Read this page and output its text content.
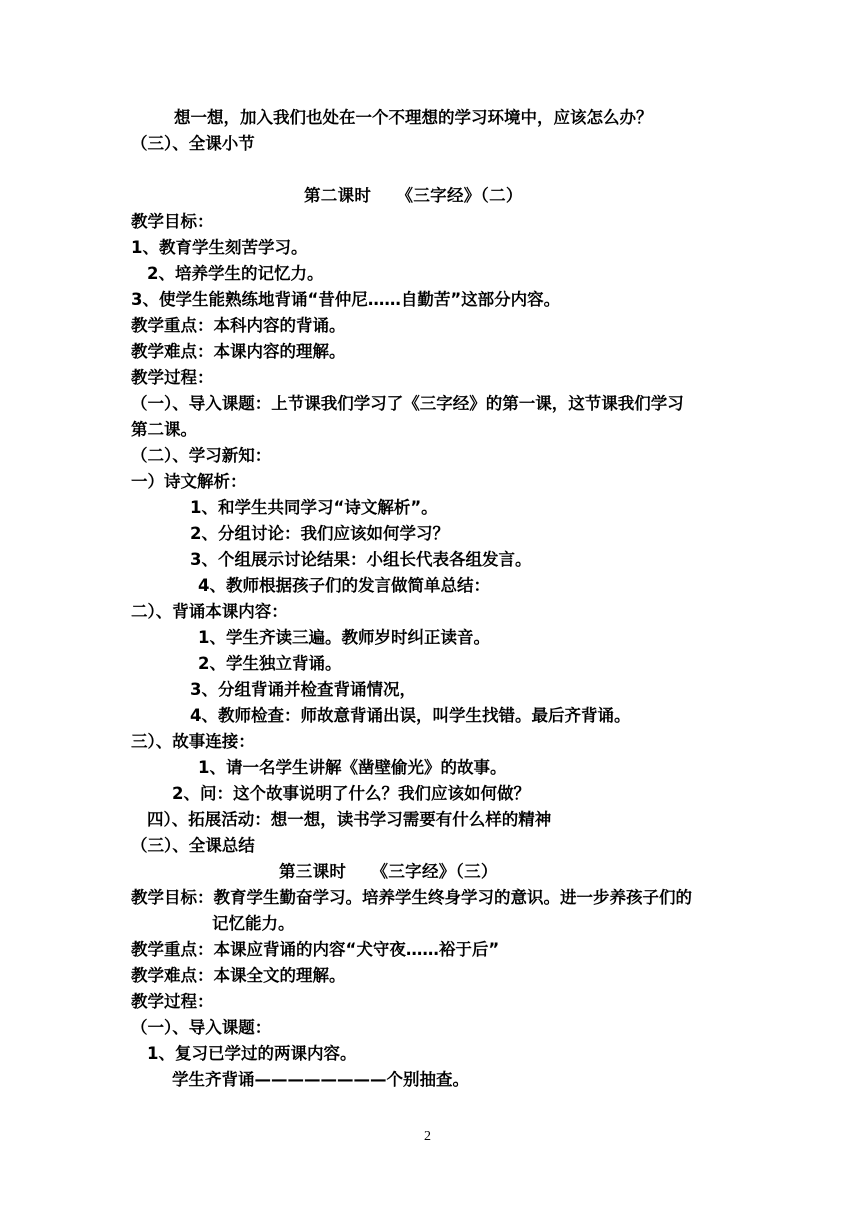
想一想，加入我们也处在一个不理想的学习环境中，应该怎么办？
（三）、全课小节
第二课时　　《三字经》（二）
教学目标：
1、教育学生刻苦学习。
2、培养学生的记忆力。
3、使学生能熟练地背诵“昔仲尼……自勤苦”这部分内容。
教学重点：本科内容的背诵。
教学难点：本课内容的理解。
教学过程：
（一）、导入课题：上节课我们学习了《三字经》的第一课，这节课我们学习
第二课。
（二）、学习新知：
一）诗文解析：
1、和学生共同学习“诗文解析”。
2、分组讨论：我们应该如何学习？
3、个组展示讨论结果：小组长代表各组发言。
4、教师根据孩子们的发言做简单总结：
二）、背诵本课内容：
1、学生齐读三遍。教师岁时纠正读音。
2、学生独立背诵。
3、分组背诵并检查背诵情况，
4、教师检查：师故意背诵出误，叫学生找错。最后齐背诵。
三）、故事连接：
1、请一名学生讲解《凿壁偷光》的故事。
2、问：这个故事说明了什么？我们应该如何做？
四）、拓展活动：想一想，读书学习需要有什么样的精神
（三）、全课总结
第三课时　　《三字经》（三）
教学目标：教育学生勤奋学习。培养学生终身学习的意识。进一步养孩子们的
记忆能力。
教学重点：本课应背诵的内容“犬守夜……裕于后”
教学难点：本课全文的理解。
教学过程：
（一）、导入课题：
1、复习已学过的两课内容。
学生齐背诵————————个别抽查。
2
